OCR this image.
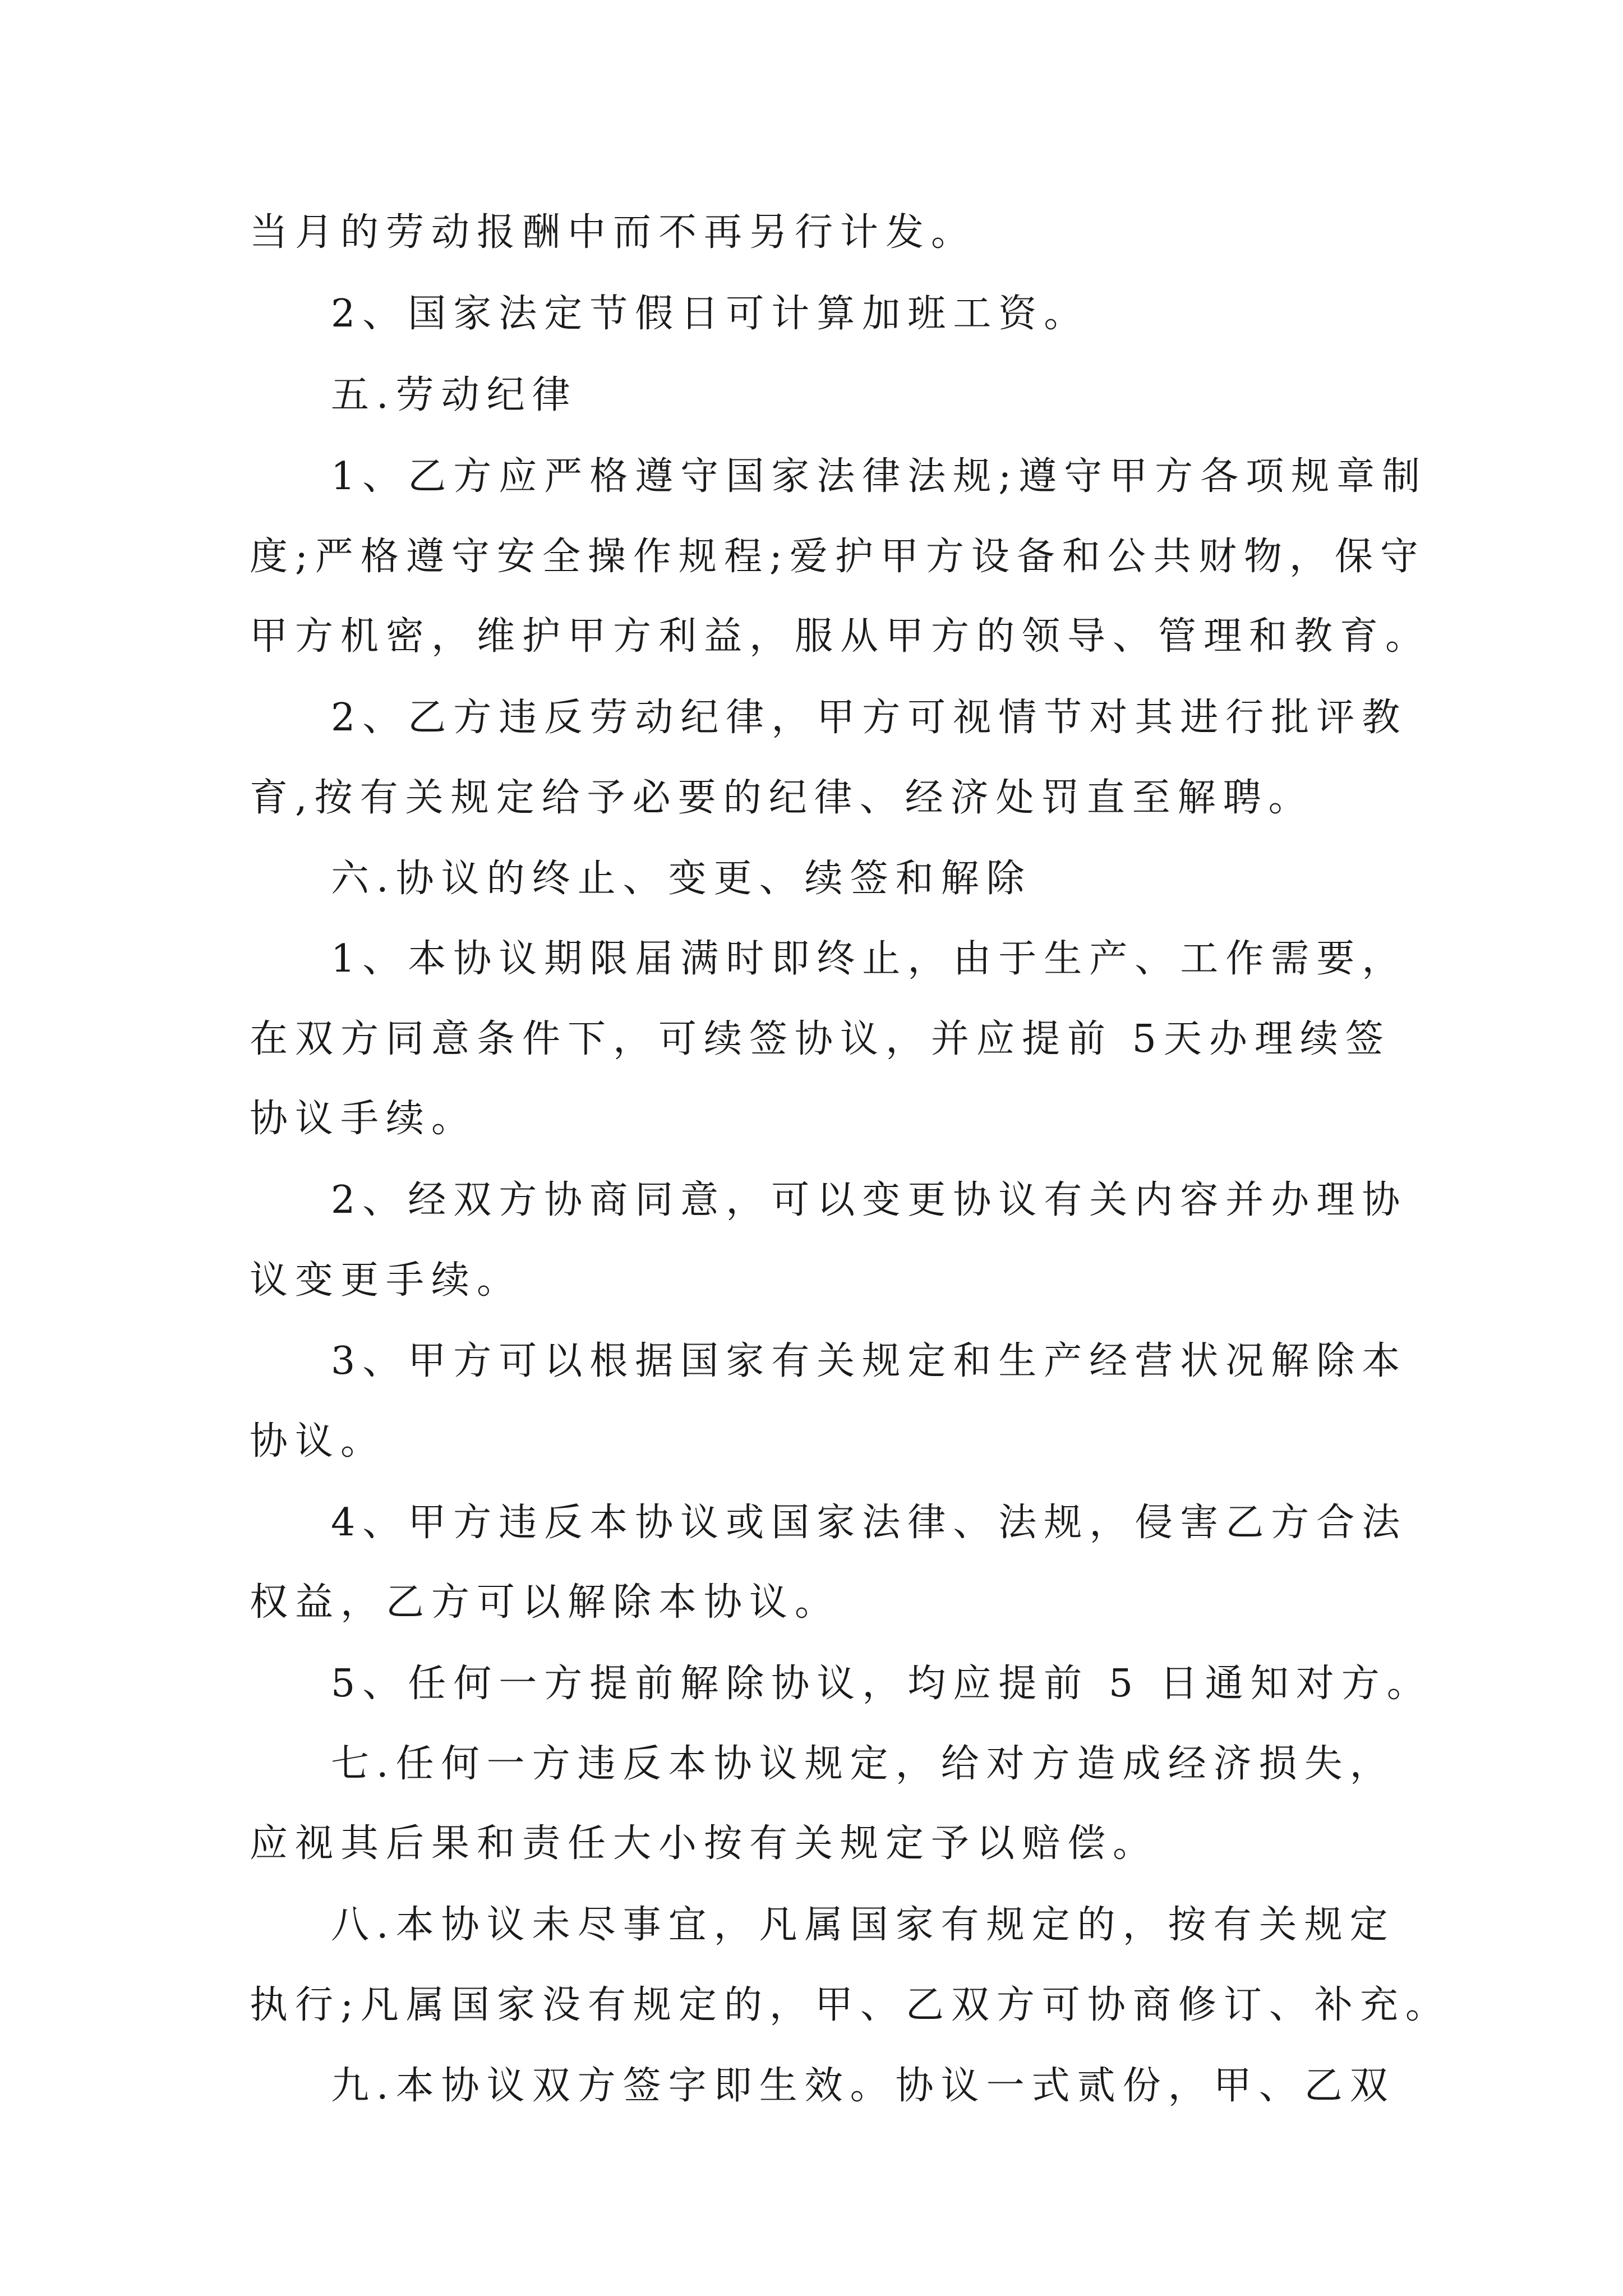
当月的劳动报酬中而不再另行计发。
2、国家法定节假日可计算加班工资。
五.劳动纪律
1、乙方应严格遵守国家法律法规;遵守甲方各项规章制
度;严格遵守安全操作规程;爱护甲方设备和公共财物，保守
甲方机密，维护甲方利益，服从甲方的领导、管理和教育。
2、乙方违反劳动纪律，甲方可视情节对其进行批评教
育,按有关规定给予必要的纪律、经济处罚直至解聘。
六.协议的终止、变更、续签和解除
1、本协议期限届满时即终止，由于生产、工作需要，
在双方同意条件下，可续签协议，并应提前 5天办理续签
协议手续。
2、经双方协商同意，可以变更协议有关内容并办理协
议变更手续。
3、甲方可以根据国家有关规定和生产经营状况解除本
协议。
4、甲方违反本协议或国家法律、法规，侵害乙方合法
权益，乙方可以解除本协议。
5、任何一方提前解除协议，均应提前 5 日通知对方。
七.任何一方违反本协议规定，给对方造成经济损失，
应视其后果和责任大小按有关规定予以赔偿。
八.本协议未尽事宜，凡属国家有规定的，按有关规定
执行;凡属国家没有规定的，甲、乙双方可协商修订、补充。
九.本协议双方签字即生效。协议一式贰份，甲、乙双
